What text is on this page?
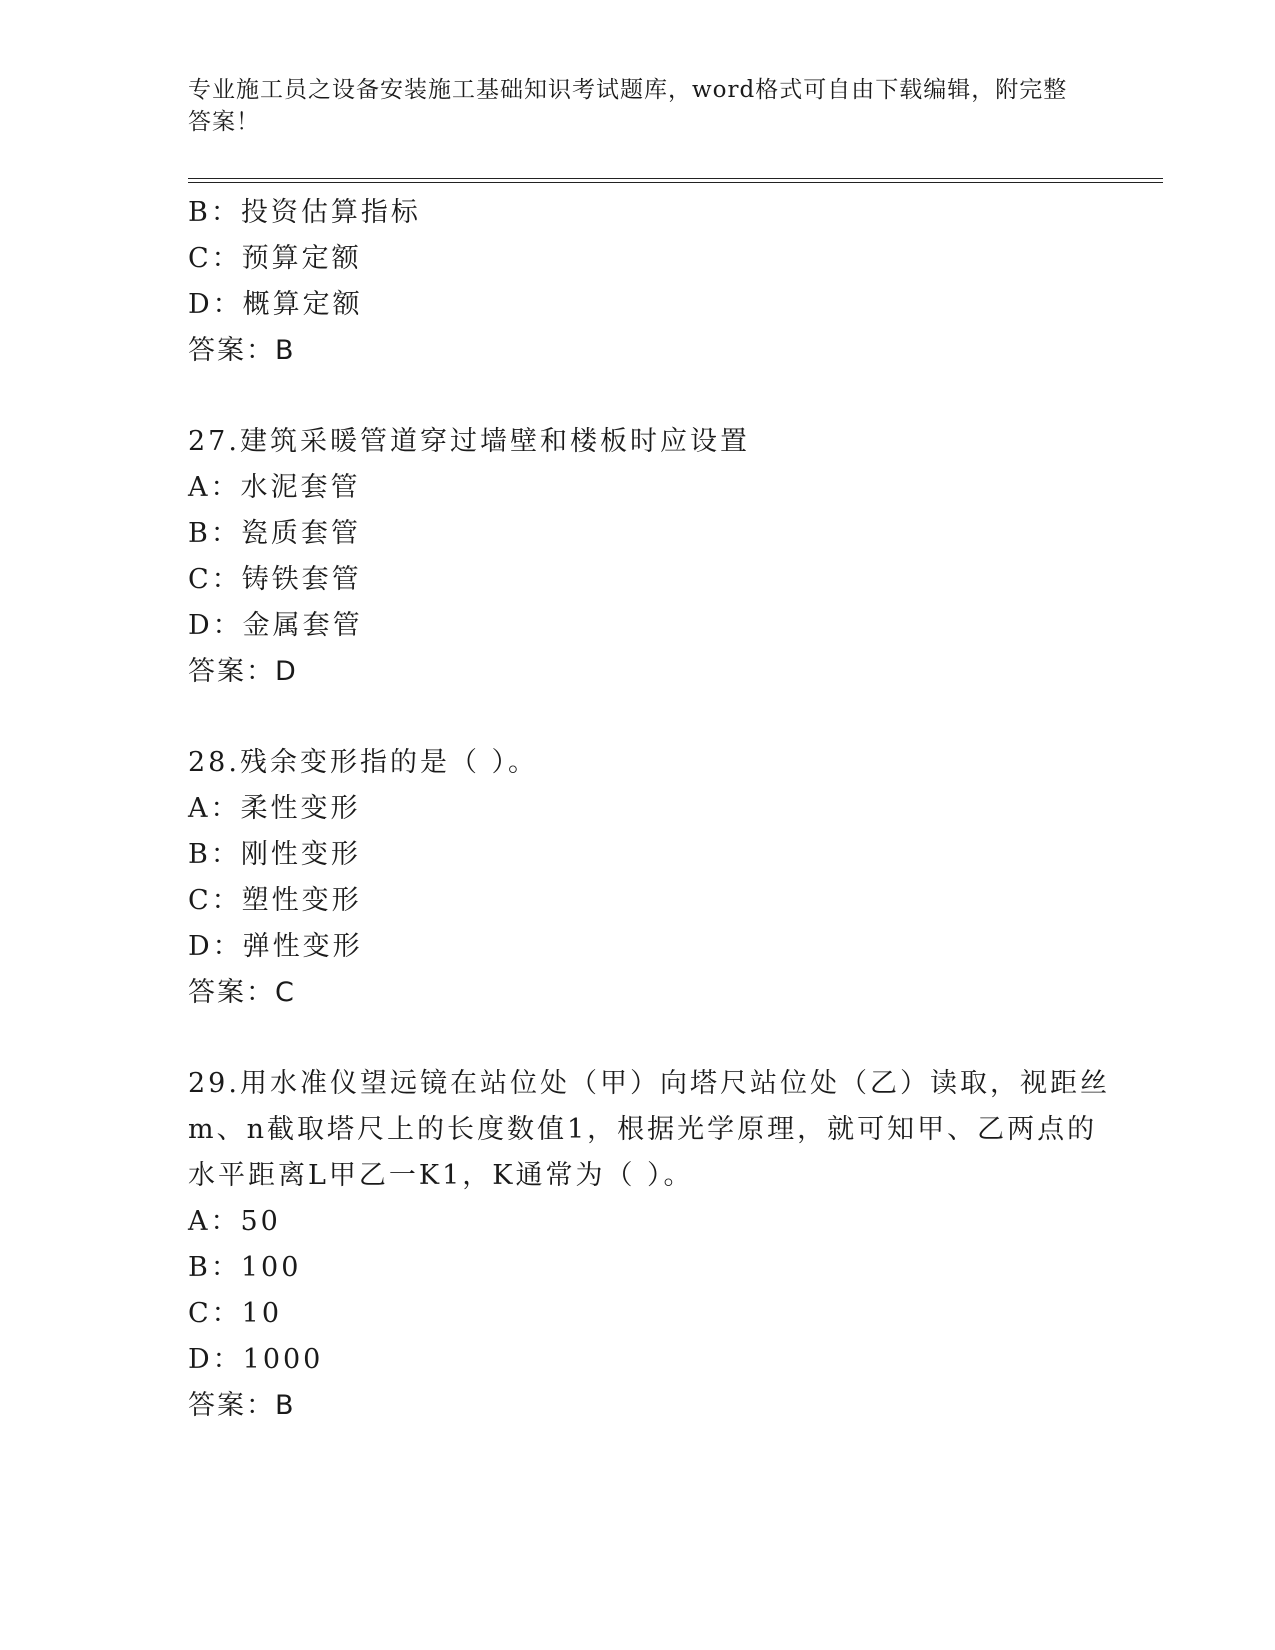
专业施工员之设备安装施工基础知识考试题库，word格式可自由下载编辑，附完整答案！
B：投资估算指标
C：预算定额
D：概算定额
答案：B
27.建筑采暖管道穿过墙壁和楼板时应设置
A：水泥套管
B：瓷质套管
C：铸铁套管
D：金属套管
答案：D
28.残余变形指的是（ ）。
A：柔性变形
B：刚性变形
C：塑性变形
D：弹性变形
答案：C
29.用水准仪望远镜在站位处（甲）向塔尺站位处（乙）读取，视距丝
m、n截取塔尺上的长度数值1，根据光学原理，就可知甲、乙两点的
水平距离L甲乙一K1，K通常为（ ）。
A：50
B：100
C：10
D：1000
答案：B
